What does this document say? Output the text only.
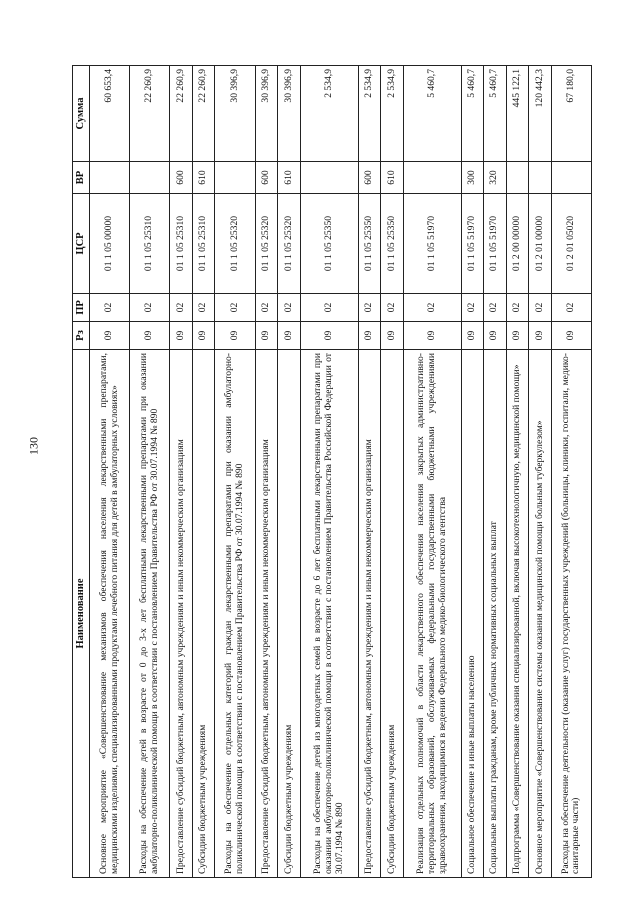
130
Наименование	Рз	ПР	ЦСР	ВР	Сумма
Основное мероприятие «Совершенствование механизмов обеспечения населения лекарственными препаратами, медицинскими изделиями, специализированными продуктами лечебного питания для детей в амбулаторных условиях»	09	02	01 1 05 00000		60 653,4
Расходы на обеспечение детей в возрасте от 0 до 3-х лет бесплатными лекарственными препаратами при оказании амбулаторно-поликлинической помощи в соответствии с постановлением Правительства РФ от 30.07.1994 № 890	09	02	01 1 05 25310		22 260,9
Предоставление субсидий бюджетным, автономным учреждениям и иным некоммерческим организациям	09	02	01 1 05 25310	600	22 260,9
Субсидии бюджетным учреждениям	09	02	01 1 05 25310	610	22 260,9
Расходы на обеспечение отдельных категорий граждан лекарственными препаратами при оказании амбулаторно-поликлинической помощи в соответствии с постановлением Правительства РФ от 30.07.1994 № 890	09	02	01 1 05 25320		30 396,9
Предоставление субсидий бюджетным, автономным учреждениям и иным некоммерческим организациям	09	02	01 1 05 25320	600	30 396,9
Субсидии бюджетным учреждениям	09	02	01 1 05 25320	610	30 396,9
Расходы на обеспечение детей из многодетных семей в возрасте до 6 лет бесплатными лекарственными препаратами при оказании амбулаторно-поликлинической помощи в соответствии с постановлением Правительства Российской Федерации от 30.07.1994 № 890	09	02	01 1 05 25350		2 534,9
Предоставление субсидий бюджетным, автономным учреждениям и иным некоммерческим организациям	09	02	01 1 05 25350	600	2 534,9
Субсидии бюджетным учреждениям	09	02	01 1 05 25350	610	2 534,9
Реализация отдельных полномочий в области лекарственного обеспечения населения закрытых административно-территориальных образований, обслуживаемых федеральными государственными бюджетными учреждениями здравоохранения, находящимися в ведении Федерального медико-биологического агентства	09	02	01 1 05 51970		5 460,7
Социальное обеспечение и иные выплаты населению	09	02	01 1 05 51970	300	5 460,7
Социальные выплаты гражданам, кроме публичных нормативных социальных выплат	09	02	01 1 05 51970	320	5 460,7
Подпрограмма «Совершенствование оказания специализированной, включая высокотехнологичную, медицинской помощи»	09	02	01 2 00 00000		445 122,1
Основное мероприятие «Совершенствование системы оказания медицинской помощи больным туберкулезом»	09	02	01 2 01 00000		120 442,3
Расходы на обеспечение деятельности (оказание услуг) государственных учреждений (больницы, клиники, госпитали, медико-санитарные части)	09	02	01 2 01 05020		67 180,0
